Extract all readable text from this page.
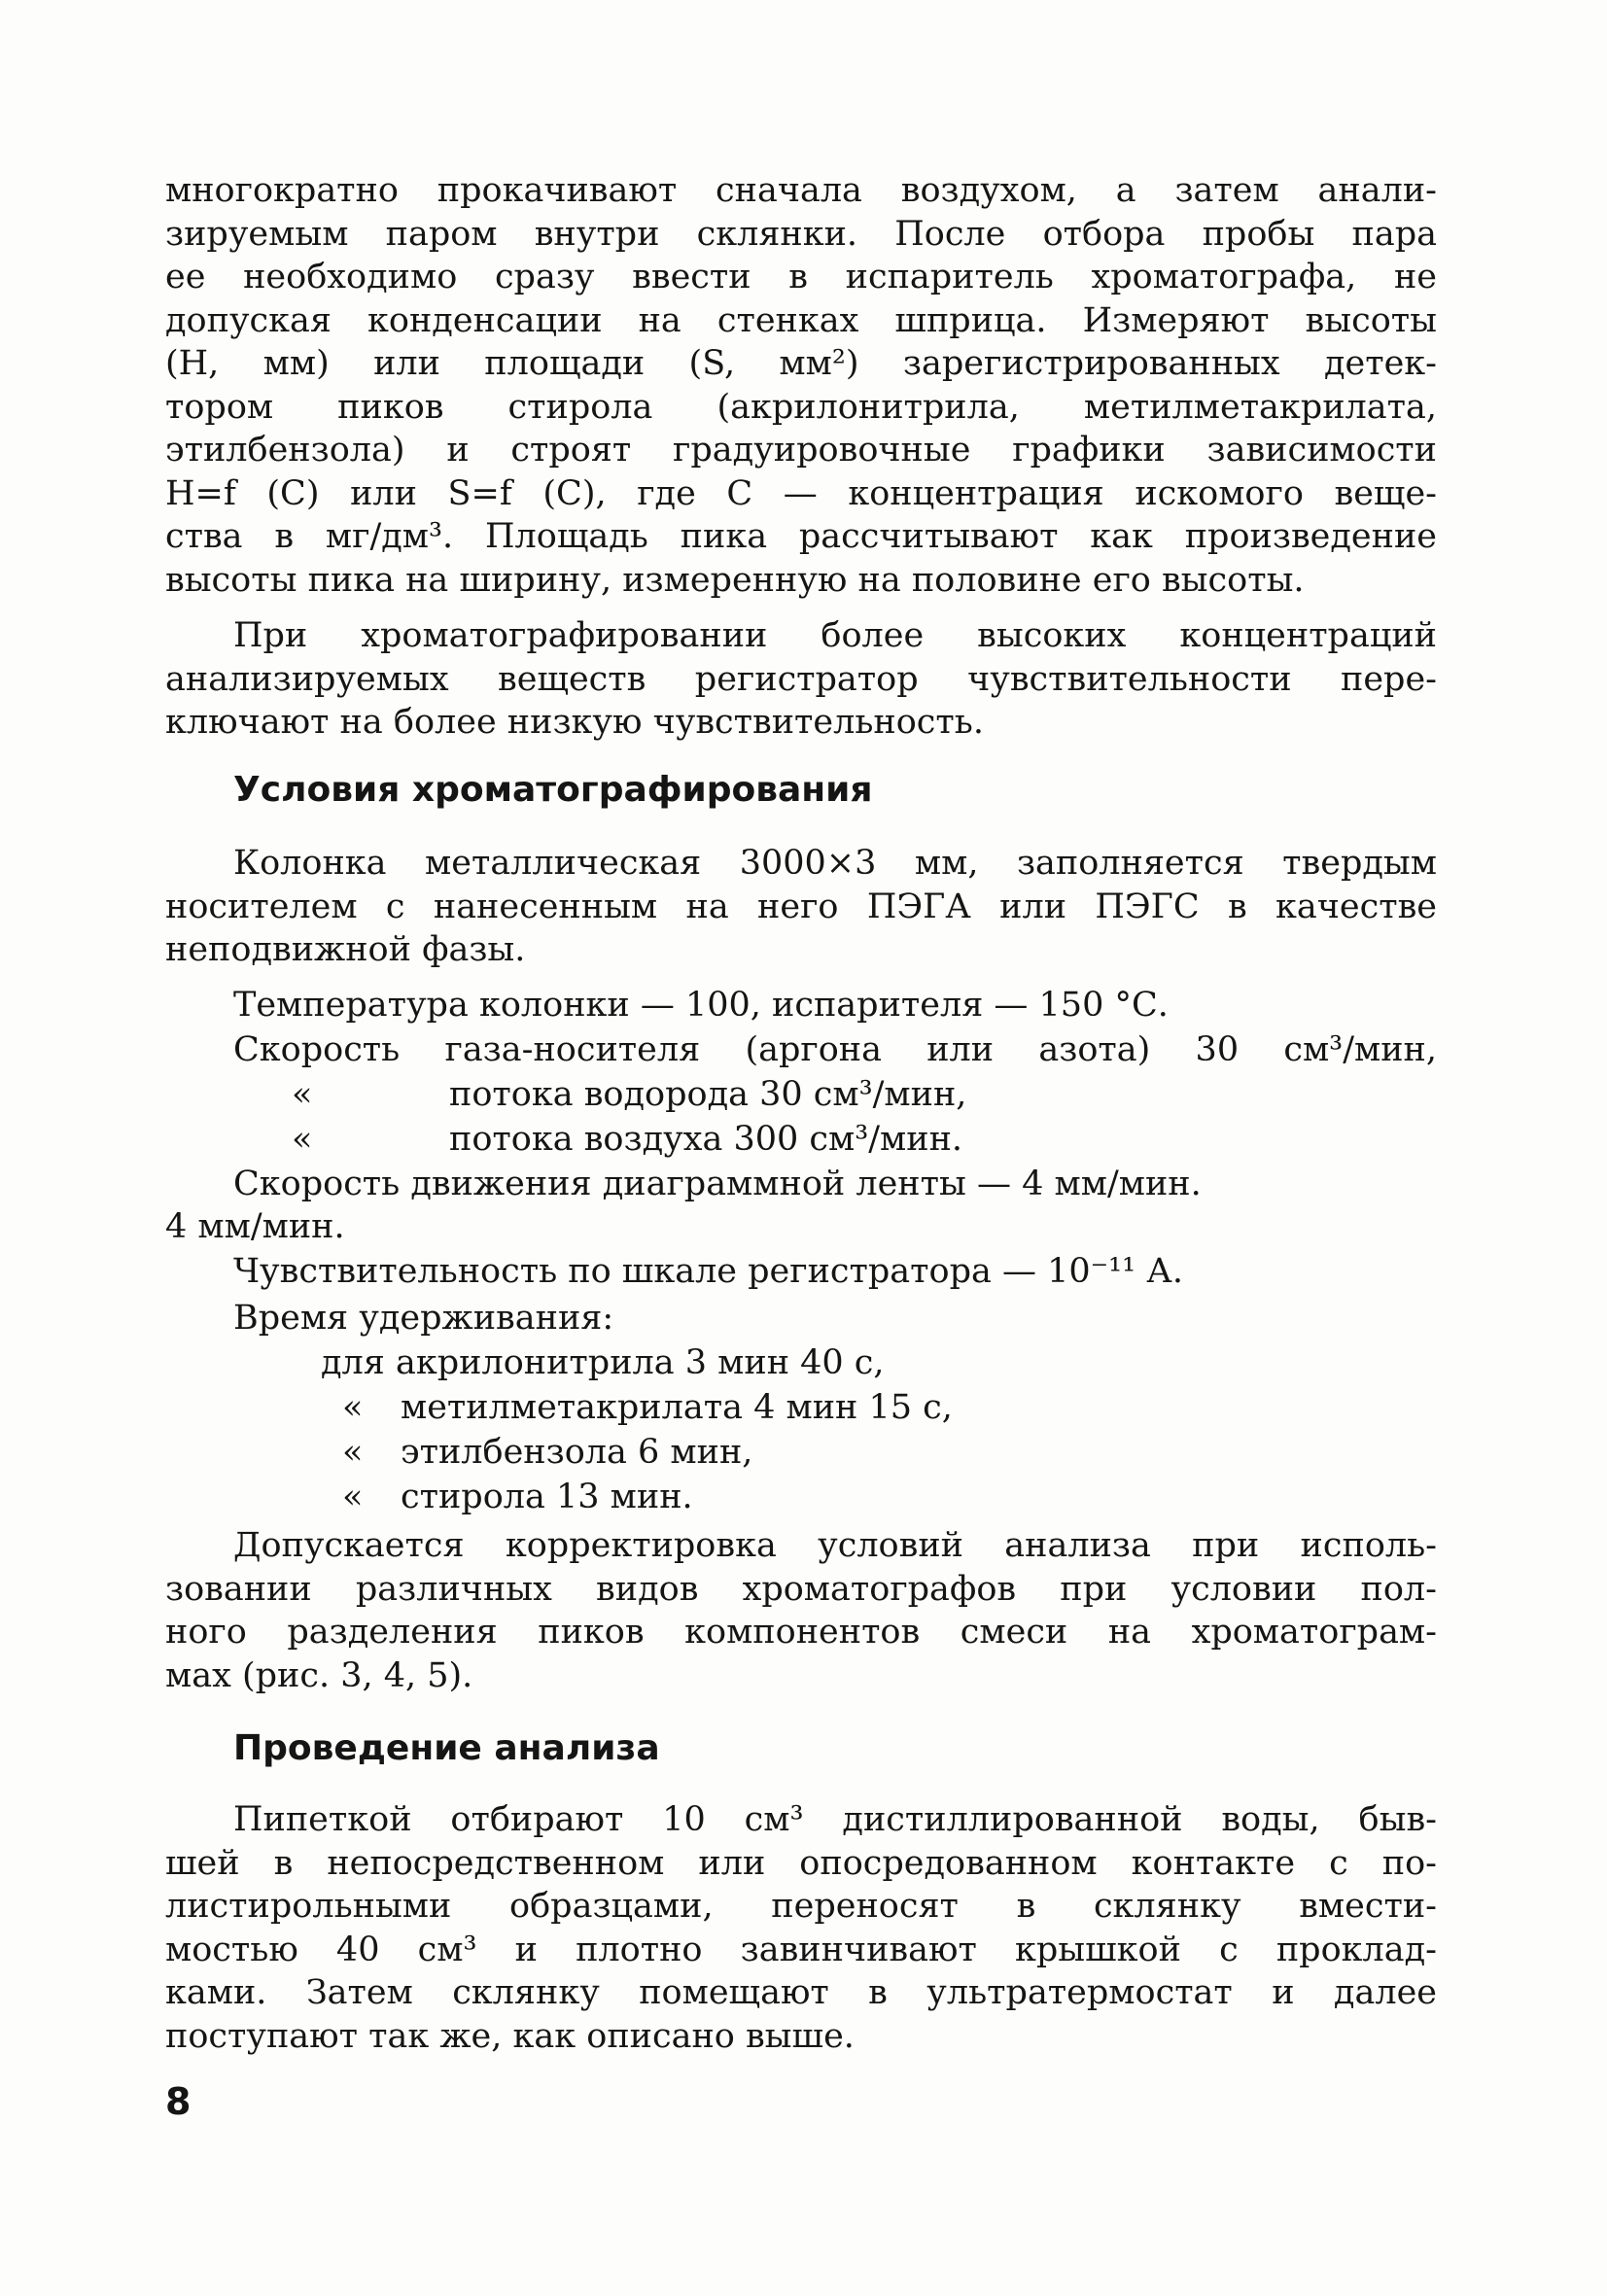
многократно прокачивают сначала воздухом, а затем анали-
зируемым паром внутри склянки. После отбора пробы пара
ее необходимо сразу ввести в испаритель хроматографа, не
допуская конденсации на стенках шприца. Измеряют высоты
(Н, мм) или площади (S, мм²) зарегистрированных детек-
тором пиков стирола (акрилонитрила, метилметакрилата,
этилбензола) и строят градуировочные графики зависимости
H=f (C) или S=f (C), где С — концентрация искомого веще-
ства в мг/дм³. Площадь пика рассчитывают как произведение
высоты пика на ширину, измеренную на половине его высоты.
При хроматографировании более высоких концентраций
анализируемых веществ регистратор чувствительности пере-
ключают на более низкую чувствительность.
Условия хроматографирования
Колонка металлическая 3000×3 мм, заполняется твердым
носителем с нанесенным на него ПЭГА или ПЭГС в качестве
неподвижной фазы.
Температура колонки — 100, испарителя — 150 °С.
Скорость газа-носителя (аргона или азота) 30 см³/мин,
«	потока водорода 30 см³/мин,
«	потока воздуха 300 см³/мин.
Скорость движения диаграммной ленты — 4 мм/мин.
4 мм/мин.
Чувствительность по шкале регистратора — 10⁻¹¹ А.
Время удерживания:
для акрилонитрила 3 мин 40 с,
« метилметакрилата 4 мин 15 с,
« этилбензола 6 мин,
« стирола 13 мин.
Допускается корректировка условий анализа при исполь-
зовании различных видов хроматографов при условии пол-
ного разделения пиков компонентов смеси на хроматограм-
мах (рис. 3, 4, 5).
Проведение анализа
Пипеткой отбирают 10 см³ дистиллированной воды, быв-
шей в непосредственном или опосредованном контакте с по-
листирольными образцами, переносят в склянку вмести-
мостью 40 см³ и плотно завинчивают крышкой с проклад-
ками. Затем склянку помещают в ультратермостат и далее
поступают так же, как описано выше.
8
